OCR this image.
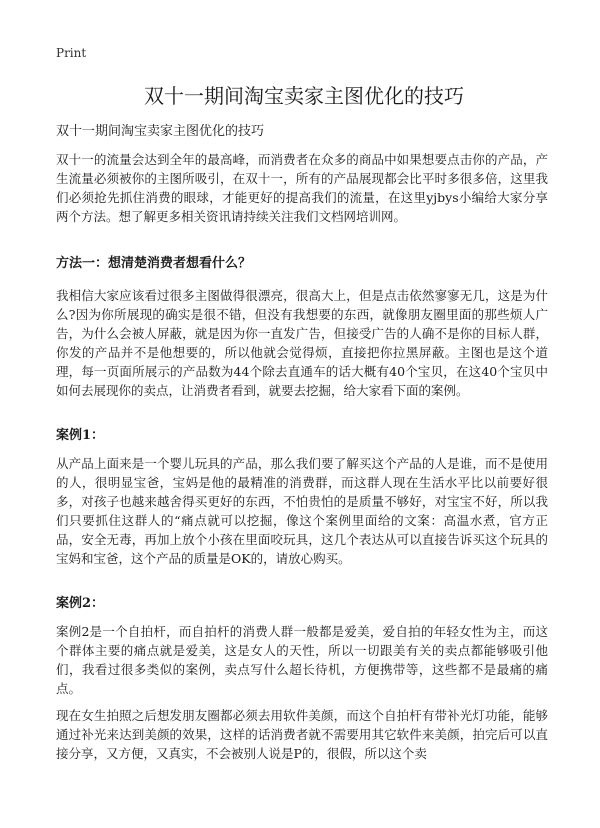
Print
双十一期间淘宝卖家主图优化的技巧
双十一期间淘宝卖家主图优化的技巧

双十一的流量会达到全年的最高峰，而消费者在众多的商品中如果想要点击你的产品，产生流量必须被你的主图所吸引，在双十一，所有的产品展现都会比平时多很多倍，这里我们必须抢先抓住消费的眼球，才能更好的提高我们的流量，在这里yjbys小编给大家分享两个方法。想了解更多相关资讯请持续关注我们文档网培训网。

方法一：想清楚消费者想看什么？

我相信大家应该看过很多主图做得很漂亮，很高大上，但是点击依然寥寥无几，这是为什么?因为你所展现的确实是很不错，但没有我想要的东西，就像朋友圈里面的那些烦人广告，为什么会被人屏蔽，就是因为你一直发广告，但接受广告的人确不是你的目标人群，你发的产品并不是他想要的，所以他就会觉得烦，直接把你拉黑屏蔽。主图也是这个道理，每一页面所展示的产品数为44个除去直通车的话大概有40个宝贝，在这40个宝贝中如何去展现你的卖点，让消费者看到，就要去挖掘，给大家看下面的案例。

案例1：

从产品上面来是一个婴儿玩具的产品，那么我们要了解买这个产品的人是谁，而不是使用的人，很明显宝爸，宝妈是他的最精准的消费群，而这群人现在生活水平比以前要好很多，对孩子也越来越舍得买更好的东西，不怕贵怕的是质量不够好，对宝宝不好，所以我们只要抓住这群人的“痛点就可以挖掘，像这个案例里面给的文案：高温水煮，官方正品，安全无毒，再加上放个小孩在里面咬玩具，这几个表达从可以直接告诉买这个玩具的宝妈和宝爸，这个产品的质量是OK的，请放心购买。

案例2：

案例2是一个自拍杆，而自拍杆的消费人群一般都是爱美，爱自拍的年轻女性为主，而这个群体主要的痛点就是爱美，这是女人的天性，所以一切跟美有关的卖点都能够吸引他们，我看过很多类似的案例，卖点写什么超长待机，方便携带等，这些都不是最痛的痛点。

现在女生拍照之后想发朋友圈都必须去用软件美颜，而这个自拍杆有带补光灯功能，能够通过补光来达到美颜的效果，这样的话消费者就不需要用其它软件来美颜，拍完后可以直接分享，又方便，又真实，不会被别人说是P的，很假，所以这个卖
